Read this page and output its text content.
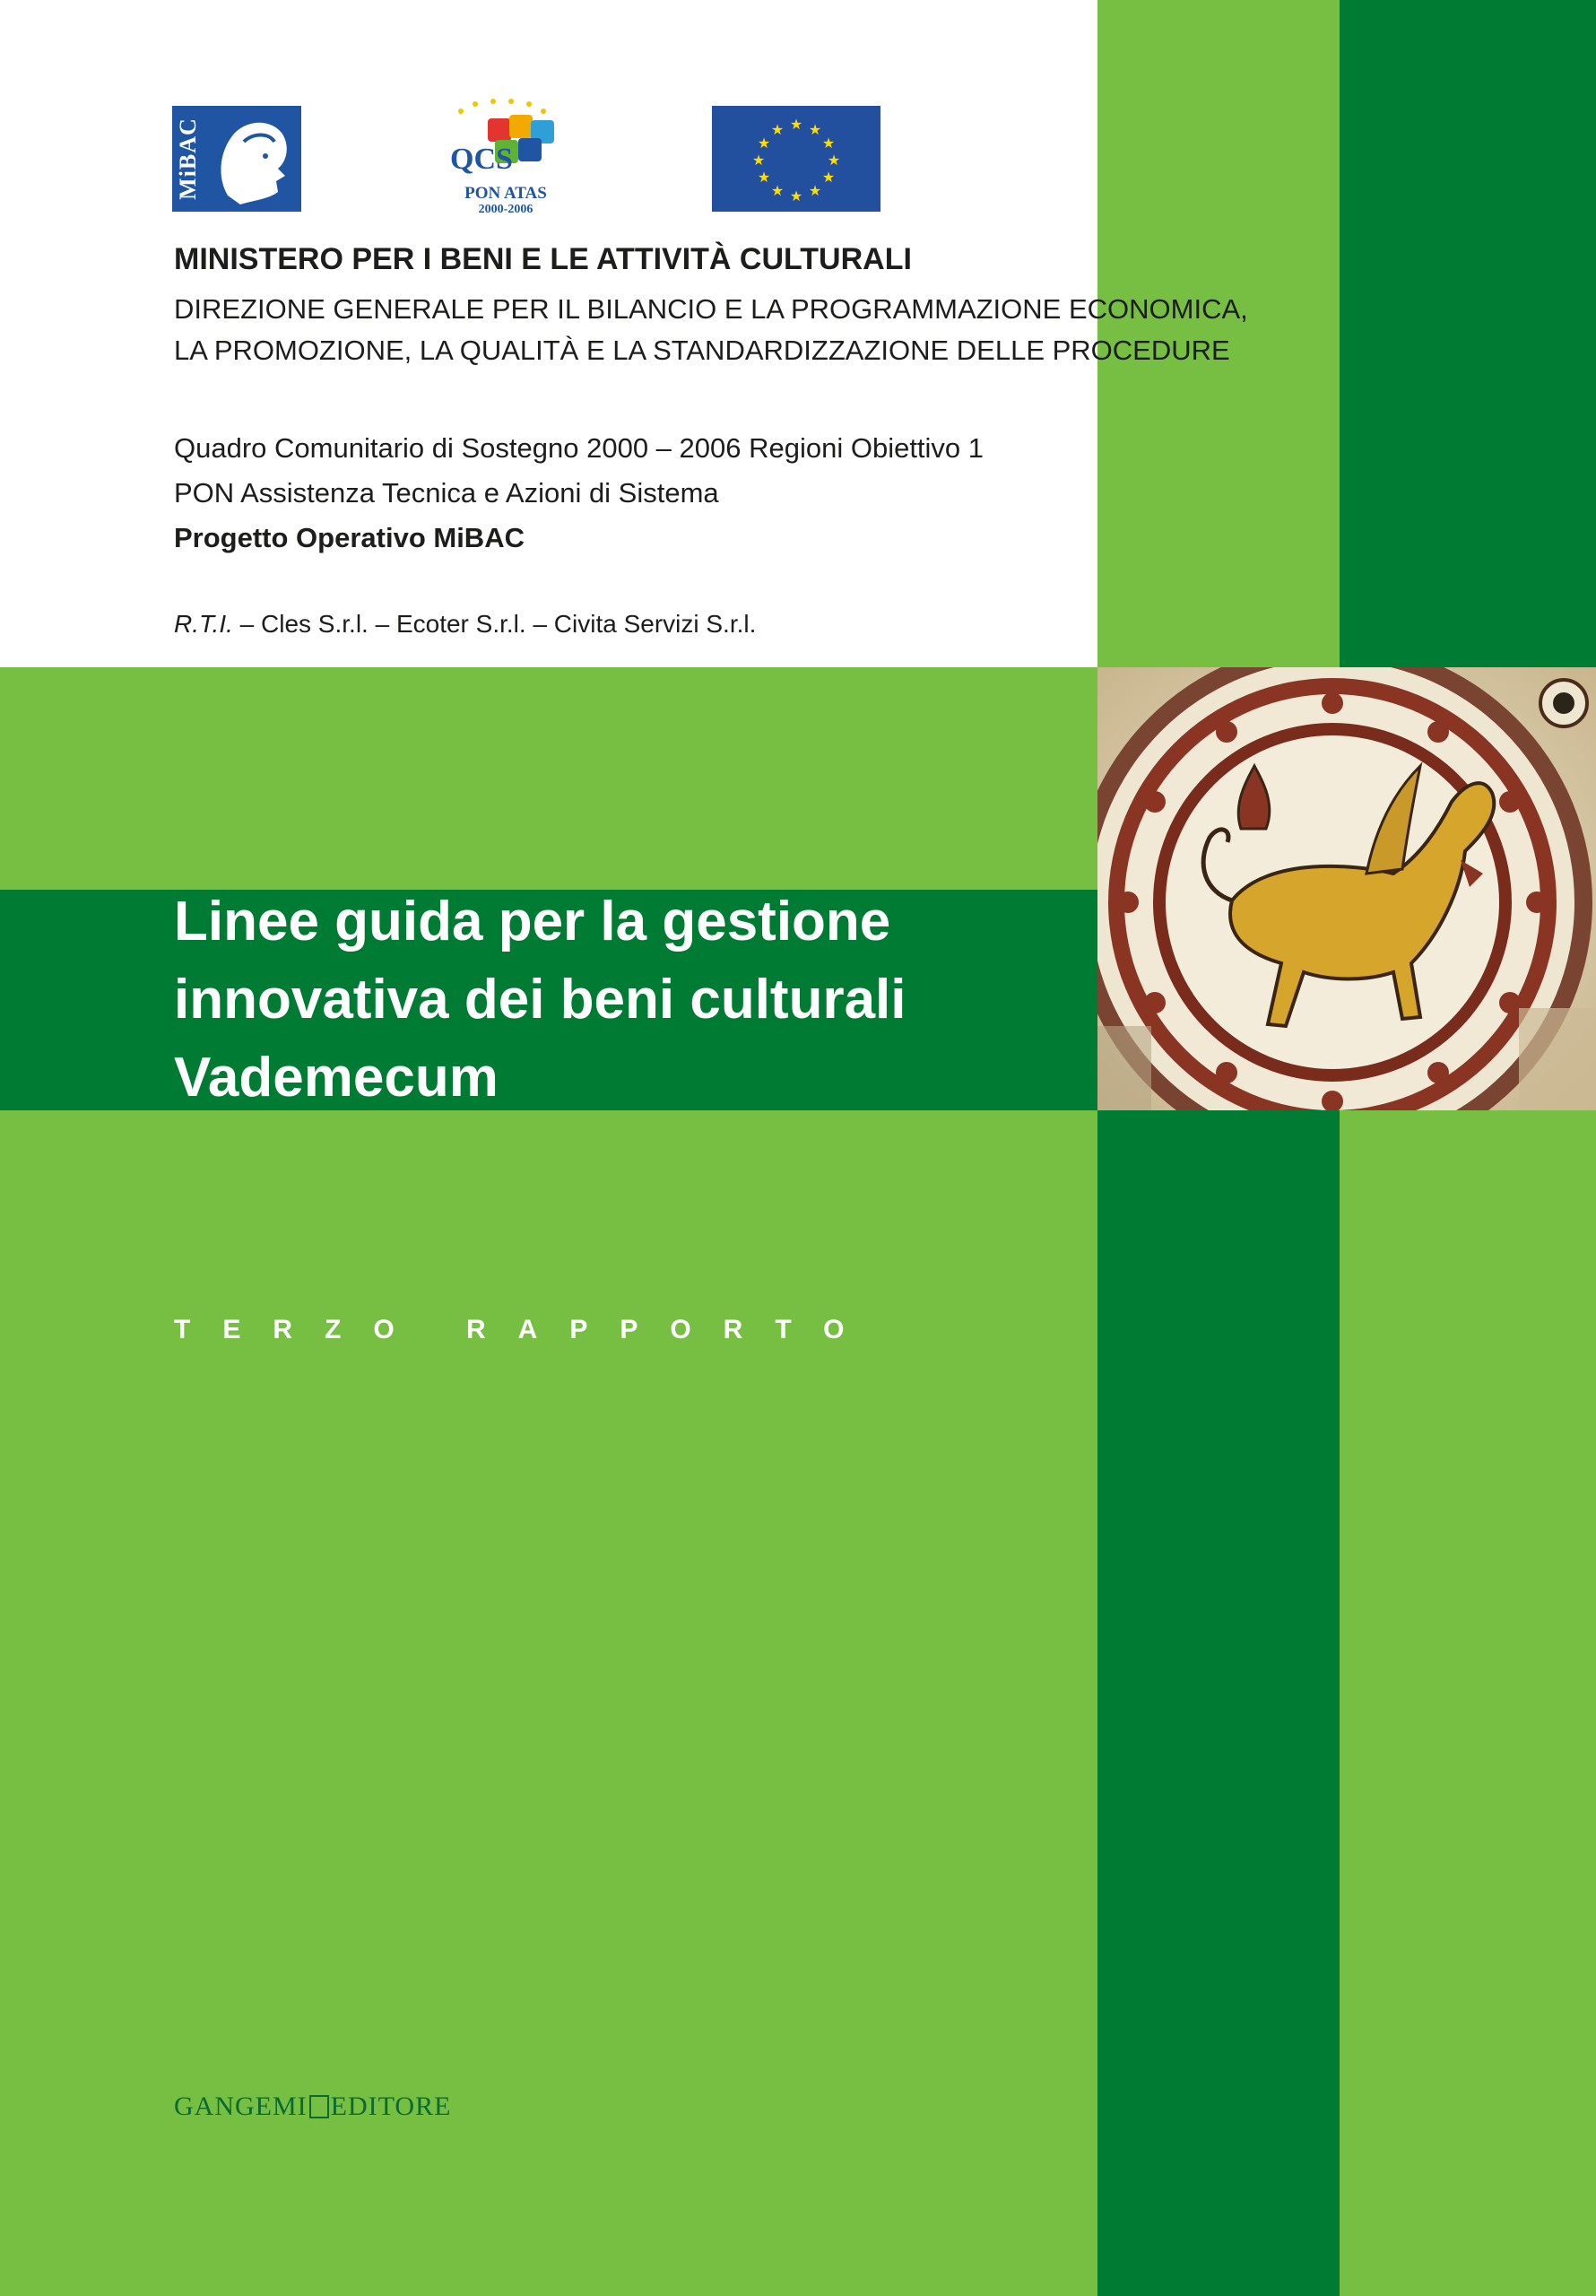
MiBAC	QCS
PON ATAS
2000-2006
★ ★
★
★
★
★
★
★
★
★
★
★
MINISTERO PER I BENI E LE ATTIVITÀ CULTURALI
DIREZIONE GENERALE PER IL BILANCIO E LA PROGRAMMAZIONE ECONOMICA,
LA PROMOZIONE, LA QUALITÀ E LA STANDARDIZZAZIONE DELLE PROCEDURE
Quadro Comunitario di Sostegno 2000 – 2006 Regioni Obiettivo 1
PON Assistenza Tecnica e Azioni di Sistema
Progetto Operativo MiBAC
R.T.I. – Cles S.r.l. – Ecoter S.r.l. – Civita Servizi S.r.l.
Linee guida per la gestione
innovativa dei beni culturali
Vademecum
TERZO RAPPORTO
GANGEMI EDITORE
